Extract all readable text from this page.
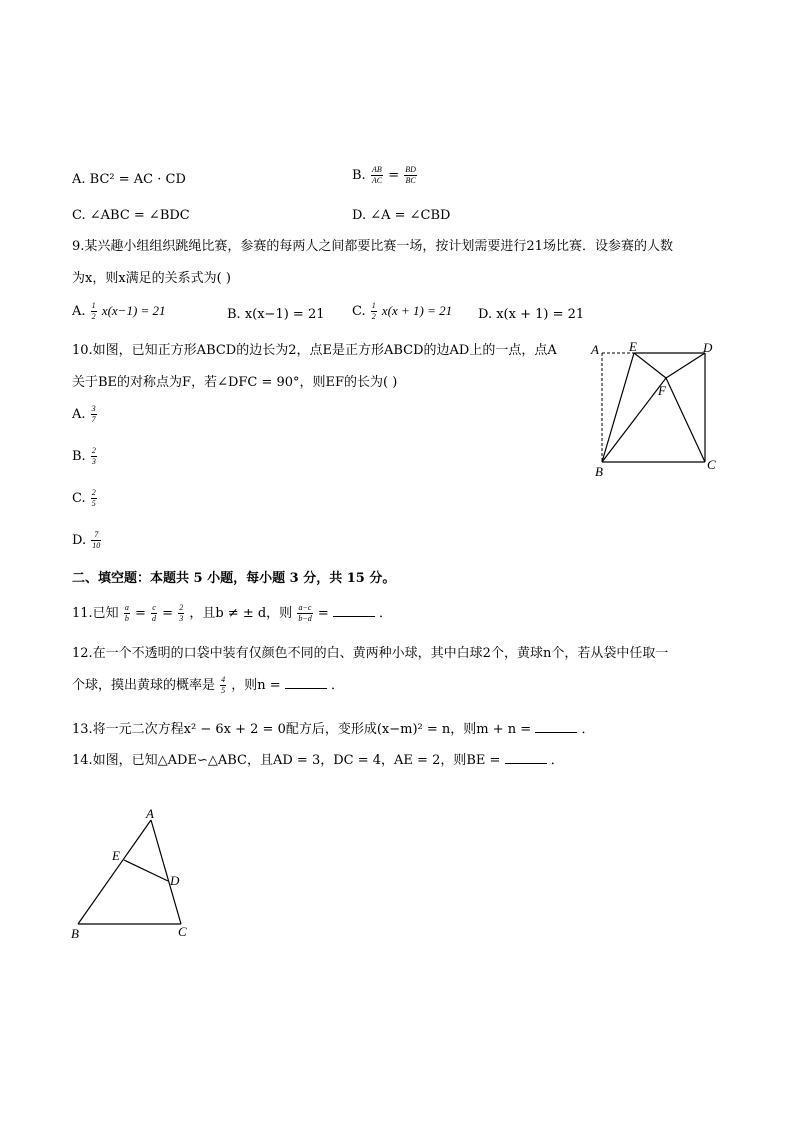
A. BC² = AC · CD	B. $\frac{AB}{AC} = \frac{BD}{BC}$
C. ∠ABC = ∠BDC	D. ∠A = ∠CBD
9.某兴趣小组组织跳绳比赛，参赛的每两人之间都要比赛一场，按计划需要进行21场比赛．设参赛的人数
为x，则x满足的关系式为( )
A. $\frac{1}{2} x(x-1) = 21$	B. x(x−1) = 21 C. $\frac{1}{2} x(x + 1) = 21$ D. x(x + 1) = 21
10.如图，已知正方形ABCD的边长为2，点E是正方形ABCD的边AD上的一点，点A
关于BE的对称点为F，若∠DFC = 90°，则EF的长为( )
A. $\frac{3}{7}$
B. $\frac{2}{3}$
C. $\frac{2}{5}$
D. $\frac{7}{10}$
A E	D
F
B	C
二、填空题：本题共 5 小题，每小题 3 分，共 15 分。
11.已知 $\frac{a}{b} = \frac{c}{d} = \frac{2}{3}$ ，且b ≠ ± d，则 $\frac{a-c}{b-d}$ =	．
12.在一个不透明的口袋中装有仅颜色不同的白、黄两种小球，其中白球2个，黄球n个，若从袋中任取一
个球，摸出黄球的概率是 $\frac{4}{5}$ ，则n =	．
13.将一元二次方程x² − 6x + 2 = 0配方后，变形成(x−m)² = n，则m + n =	．
14.如图，已知△ADE∽△ABC，且AD = 3，DC = 4，AE = 2，则BE =	．
A
E
D
B	C
